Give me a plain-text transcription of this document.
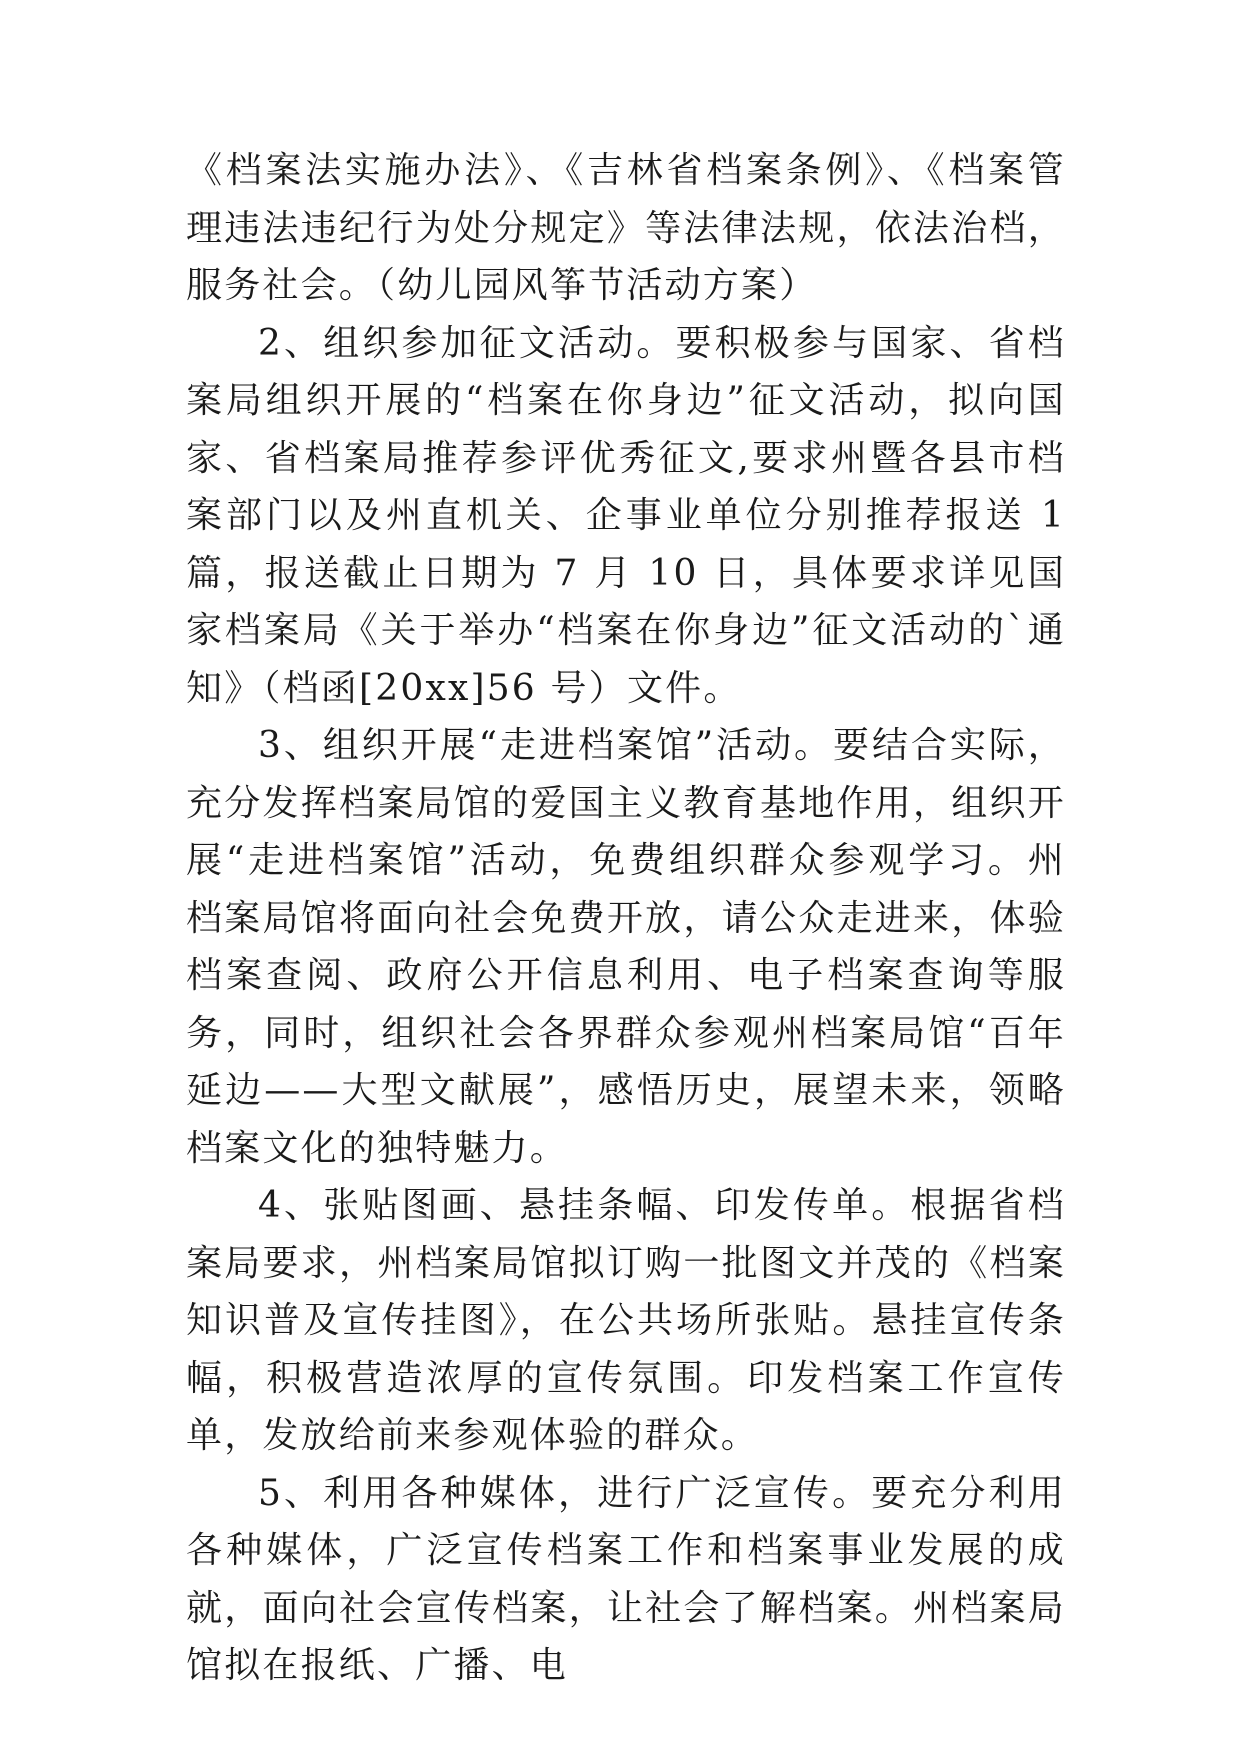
《档案法实施办法》、《吉林省档案条例》、《档案管理违法违纪行为处分规定》等法律法规，依法治档，服务社会。（幼儿园风筝节活动方案）

2、组织参加征文活动。要积极参与国家、省档案局组织开展的“档案在你身边”征文活动，拟向国家、省档案局推荐参评优秀征文,要求州暨各县市档案部门以及州直机关、企事业单位分别推荐报送 1 篇，报送截止日期为 7 月 10 日，具体要求详见国家档案局《关于举办“档案在你身边”征文活动的`通知》（档函[20xx]56 号）文件。

3、组织开展“走进档案馆”活动。要结合实际，充分发挥档案局馆的爱国主义教育基地作用，组织开展“走进档案馆”活动，免费组织群众参观学习。州档案局馆将面向社会免费开放，请公众走进来，体验档案查阅、政府公开信息利用、电子档案查询等服务，同时，组织社会各界群众参观州档案局馆“百年延边——大型文献展”，感悟历史，展望未来，领略档案文化的独特魅力。

4、张贴图画、悬挂条幅、印发传单。根据省档案局要求，州档案局馆拟订购一批图文并茂的《档案知识普及宣传挂图》，在公共场所张贴。悬挂宣传条幅，积极营造浓厚的宣传氛围。印发档案工作宣传单，发放给前来参观体验的群众。

5、利用各种媒体，进行广泛宣传。要充分利用各种媒体，广泛宣传档案工作和档案事业发展的成就，面向社会宣传档案，让社会了解档案。州档案局馆拟在报纸、广播、电
